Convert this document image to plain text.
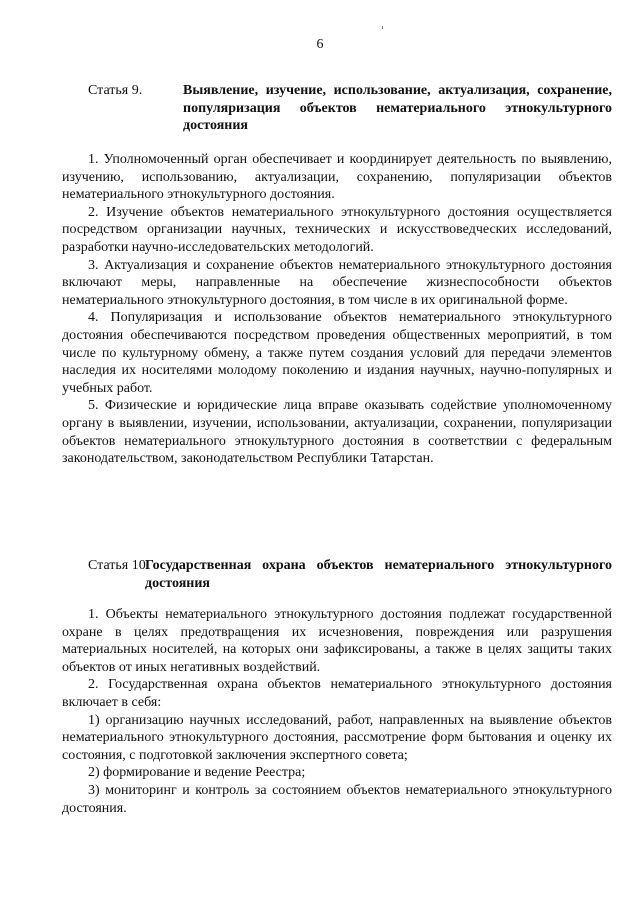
6
Статья 9.	Выявление, изучение, использование, актуализация, сохранение, популяризация объектов нематериального этнокультурного достояния

1. Уполномоченный орган обеспечивает и координирует деятельность по выявлению, изучению, использованию, актуализации, сохранению, популяризации объектов нематериального этнокультурного достояния.

2. Изучение объектов нематериального этнокультурного достояния осуществляется посредством организации научных, технических и искусствоведческих исследований, разработки научно-исследовательских методологий.

3. Актуализация и сохранение объектов нематериального этнокультурного достояния включают меры, направленные на обеспечение жизнеспособности объектов нематериального этнокультурного достояния, в том числе в их оригинальной форме.

4. Популяризация и использование объектов нематериального этнокультурного достояния обеспечиваются посредством проведения общественных мероприятий, в том числе по культурному обмену, а также путем создания условий для передачи элементов наследия их носителями молодому поколению и издания научных, научно-популярных и учебных работ.

5. Физические и юридические лица вправе оказывать содействие уполномоченному органу в выявлении, изучении, использовании, актуализации, сохранении, популяризации объектов нематериального этнокультурного достояния в соответствии с федеральным законодательством, законодательством Республики Татарстан.

Статья 10.
Государственная охрана объектов нематериального этнокультурного достояния

1. Объекты нематериального этнокультурного достояния подлежат государственной охране в целях предотвращения их исчезновения, повреждения или разрушения материальных носителей, на которых они зафиксированы, а также в целях защиты таких объектов от иных негативных воздействий.

2. Государственная охрана объектов нематериального этнокультурного достояния включает в себя:

1) организацию научных исследований, работ, направленных на выявление объектов нематериального этнокультурного достояния, рассмотрение форм бытования и оценку их состояния, с подготовкой заключения экспертного совета;

2) формирование и ведение Реестра;

3) мониторинг и контроль за состоянием объектов нематериального этнокультурного достояния.
